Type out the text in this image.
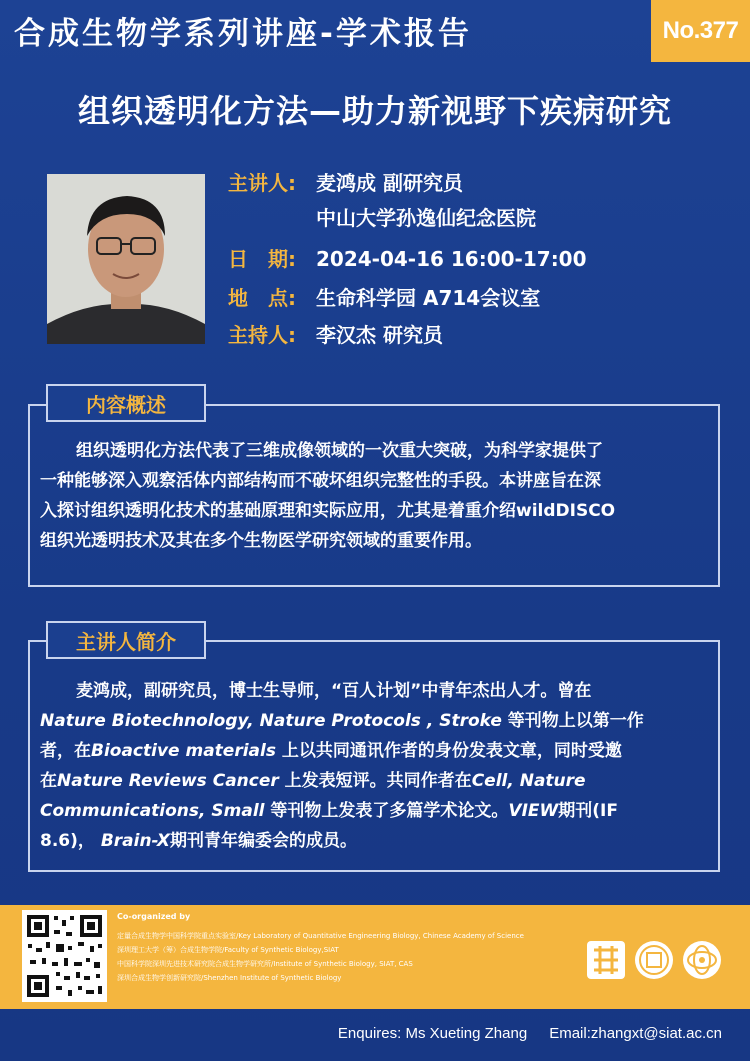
合成生物学系列讲座-学术报告	No.377
组织透明化方法—助力新视野下疾病研究
主讲人: 麦鸿成 副研究员
中山大学孙逸仙纪念医院
日　期: 2024-04-16 16:00-17:00
地　点: 生命科学园 A714会议室
主持人: 李汉杰 研究员
内容概述
组织透明化方法代表了三维成像领域的一次重大突破，为科学家提供了
一种能够深入观察活体内部结构而不破坏组织完整性的手段。本讲座旨在深
入探讨组织透明化技术的基础原理和实际应用，尤其是着重介绍wildDISCO
组织光透明技术及其在多个生物医学研究领域的重要作用。
主讲人简介
麦鸿成，副研究员，博士生导师，“百人计划”中青年杰出人才。曾在
Nature Biotechnology, Nature Protocols , Stroke 等刊物上以第一作
者，在Bioactive materials 上以共同通讯作者的身份发表文章，同时受邀
在Nature Reviews Cancer 上发表短评。共同作者在Cell, Nature
Communications, Small 等刊物上发表了多篇学术论文。VIEW期刊(IF
8.6)， Brain-X期刊青年编委会的成员。
Co-organized by
定量合成生物学中国科学院重点实验室/Key Laboratory of Quantitative Engineering Biology, Chinese Academy of Science
深圳理工大学（筹）合成生物学院/Faculty of Synthetic Biology,SIAT
中国科学院深圳先进技术研究院合成生物学研究所/Institute of Synthetic Biology, SIAT, CAS
深圳合成生物学创新研究院/Shenzhen Institute of Synthetic Biology
Enquires: Ms Xueting Zhang Email:zhangxt@siat.ac.cn
